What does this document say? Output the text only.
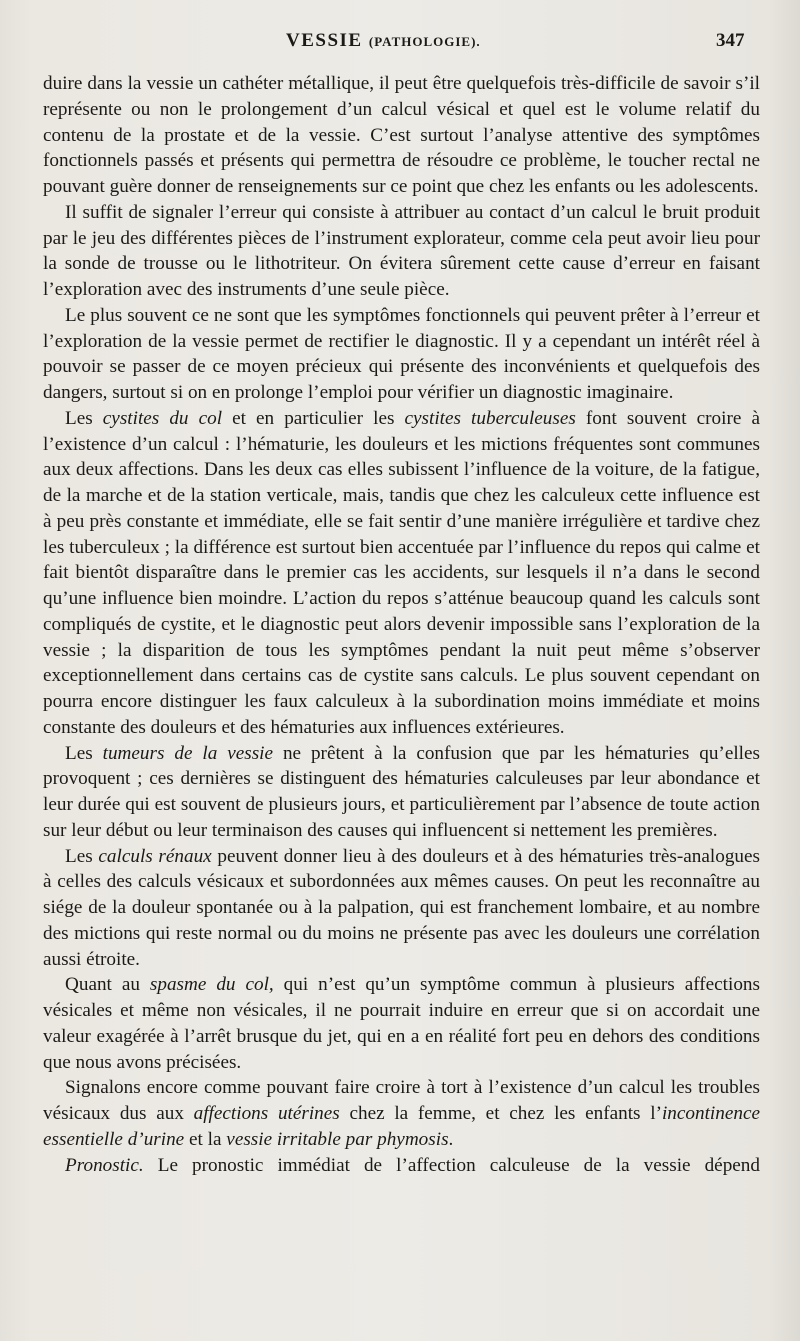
VESSIE (PATHOLOGIE).	347

duire dans la vessie un cathéter métallique, il peut être quelquefois très-difficile de savoir s’il représente ou non le prolongement d’un calcul vésical et quel est le volume relatif du contenu de la prostate et de la vessie. C’est surtout l’analyse attentive des symptômes fonctionnels passés et présents qui permettra de résoudre ce problème, le toucher rectal ne pouvant guère donner de renseignements sur ce point que chez les enfants ou les adolescents.

Il suffit de signaler l’erreur qui consiste à attribuer au contact d’un calcul le bruit produit par le jeu des différentes pièces de l’instrument explorateur, comme cela peut avoir lieu pour la sonde de trousse ou le lithotriteur. On évitera sûrement cette cause d’erreur en faisant l’exploration avec des instruments d’une seule pièce.

Le plus souvent ce ne sont que les symptômes fonctionnels qui peuvent prêter à l’erreur et l’exploration de la vessie permet de rectifier le diagnostic. Il y a cependant un intérêt réel à pouvoir se passer de ce moyen précieux qui présente des inconvénients et quelquefois des dangers, surtout si on en prolonge l’emploi pour vérifier un diagnostic imaginaire.

Les cystites du col et en particulier les cystites tuberculeuses font souvent croire à l’existence d’un calcul : l’hématurie, les douleurs et les mictions fréquentes sont communes aux deux affections. Dans les deux cas elles subissent l’influence de la voiture, de la fatigue, de la marche et de la station verticale, mais, tandis que chez les calculeux cette influence est à peu près constante et immédiate, elle se fait sentir d’une manière irrégulière et tardive chez les tuberculeux ; la différence est surtout bien accentuée par l’influence du repos qui calme et fait bientôt disparaître dans le premier cas les accidents, sur lesquels il n’a dans le second qu’une influence bien moindre. L’action du repos s’atténue beaucoup quand les calculs sont compliqués de cystite, et le diagnostic peut alors devenir impossible sans l’exploration de la vessie ; la disparition de tous les symptômes pendant la nuit peut même s’observer exceptionnellement dans certains cas de cystite sans calculs. Le plus souvent cependant on pourra encore distinguer les faux calculeux à la subordination moins immédiate et moins constante des douleurs et des hématuries aux influences extérieures.

Les tumeurs de la vessie ne prêtent à la confusion que par les hématuries qu’elles provoquent ; ces dernières se distinguent des hématuries calculeuses par leur abondance et leur durée qui est souvent de plusieurs jours, et particulièrement par l’absence de toute action sur leur début ou leur terminaison des causes qui influencent si nettement les premières.

Les calculs rénaux peuvent donner lieu à des douleurs et à des hématuries très-analogues à celles des calculs vésicaux et subordonnées aux mêmes causes. On peut les reconnaître au siége de la douleur spontanée ou à la palpation, qui est franchement lombaire, et au nombre des mictions qui reste normal ou du moins ne présente pas avec les douleurs une corrélation aussi étroite.

Quant au spasme du col, qui n’est qu’un symptôme commun à plusieurs affections vésicales et même non vésicales, il ne pourrait induire en erreur que si on accordait une valeur exagérée à l’arrêt brusque du jet, qui en a en réalité fort peu en dehors des conditions que nous avons précisées.

Signalons encore comme pouvant faire croire à tort à l’existence d’un calcul les troubles vésicaux dus aux affections utérines chez la femme, et chez les enfants l’incontinence essentielle d’urine et la vessie irritable par phymosis.

Pronostic. Le pronostic immédiat de l’affection calculeuse de la vessie dépend
